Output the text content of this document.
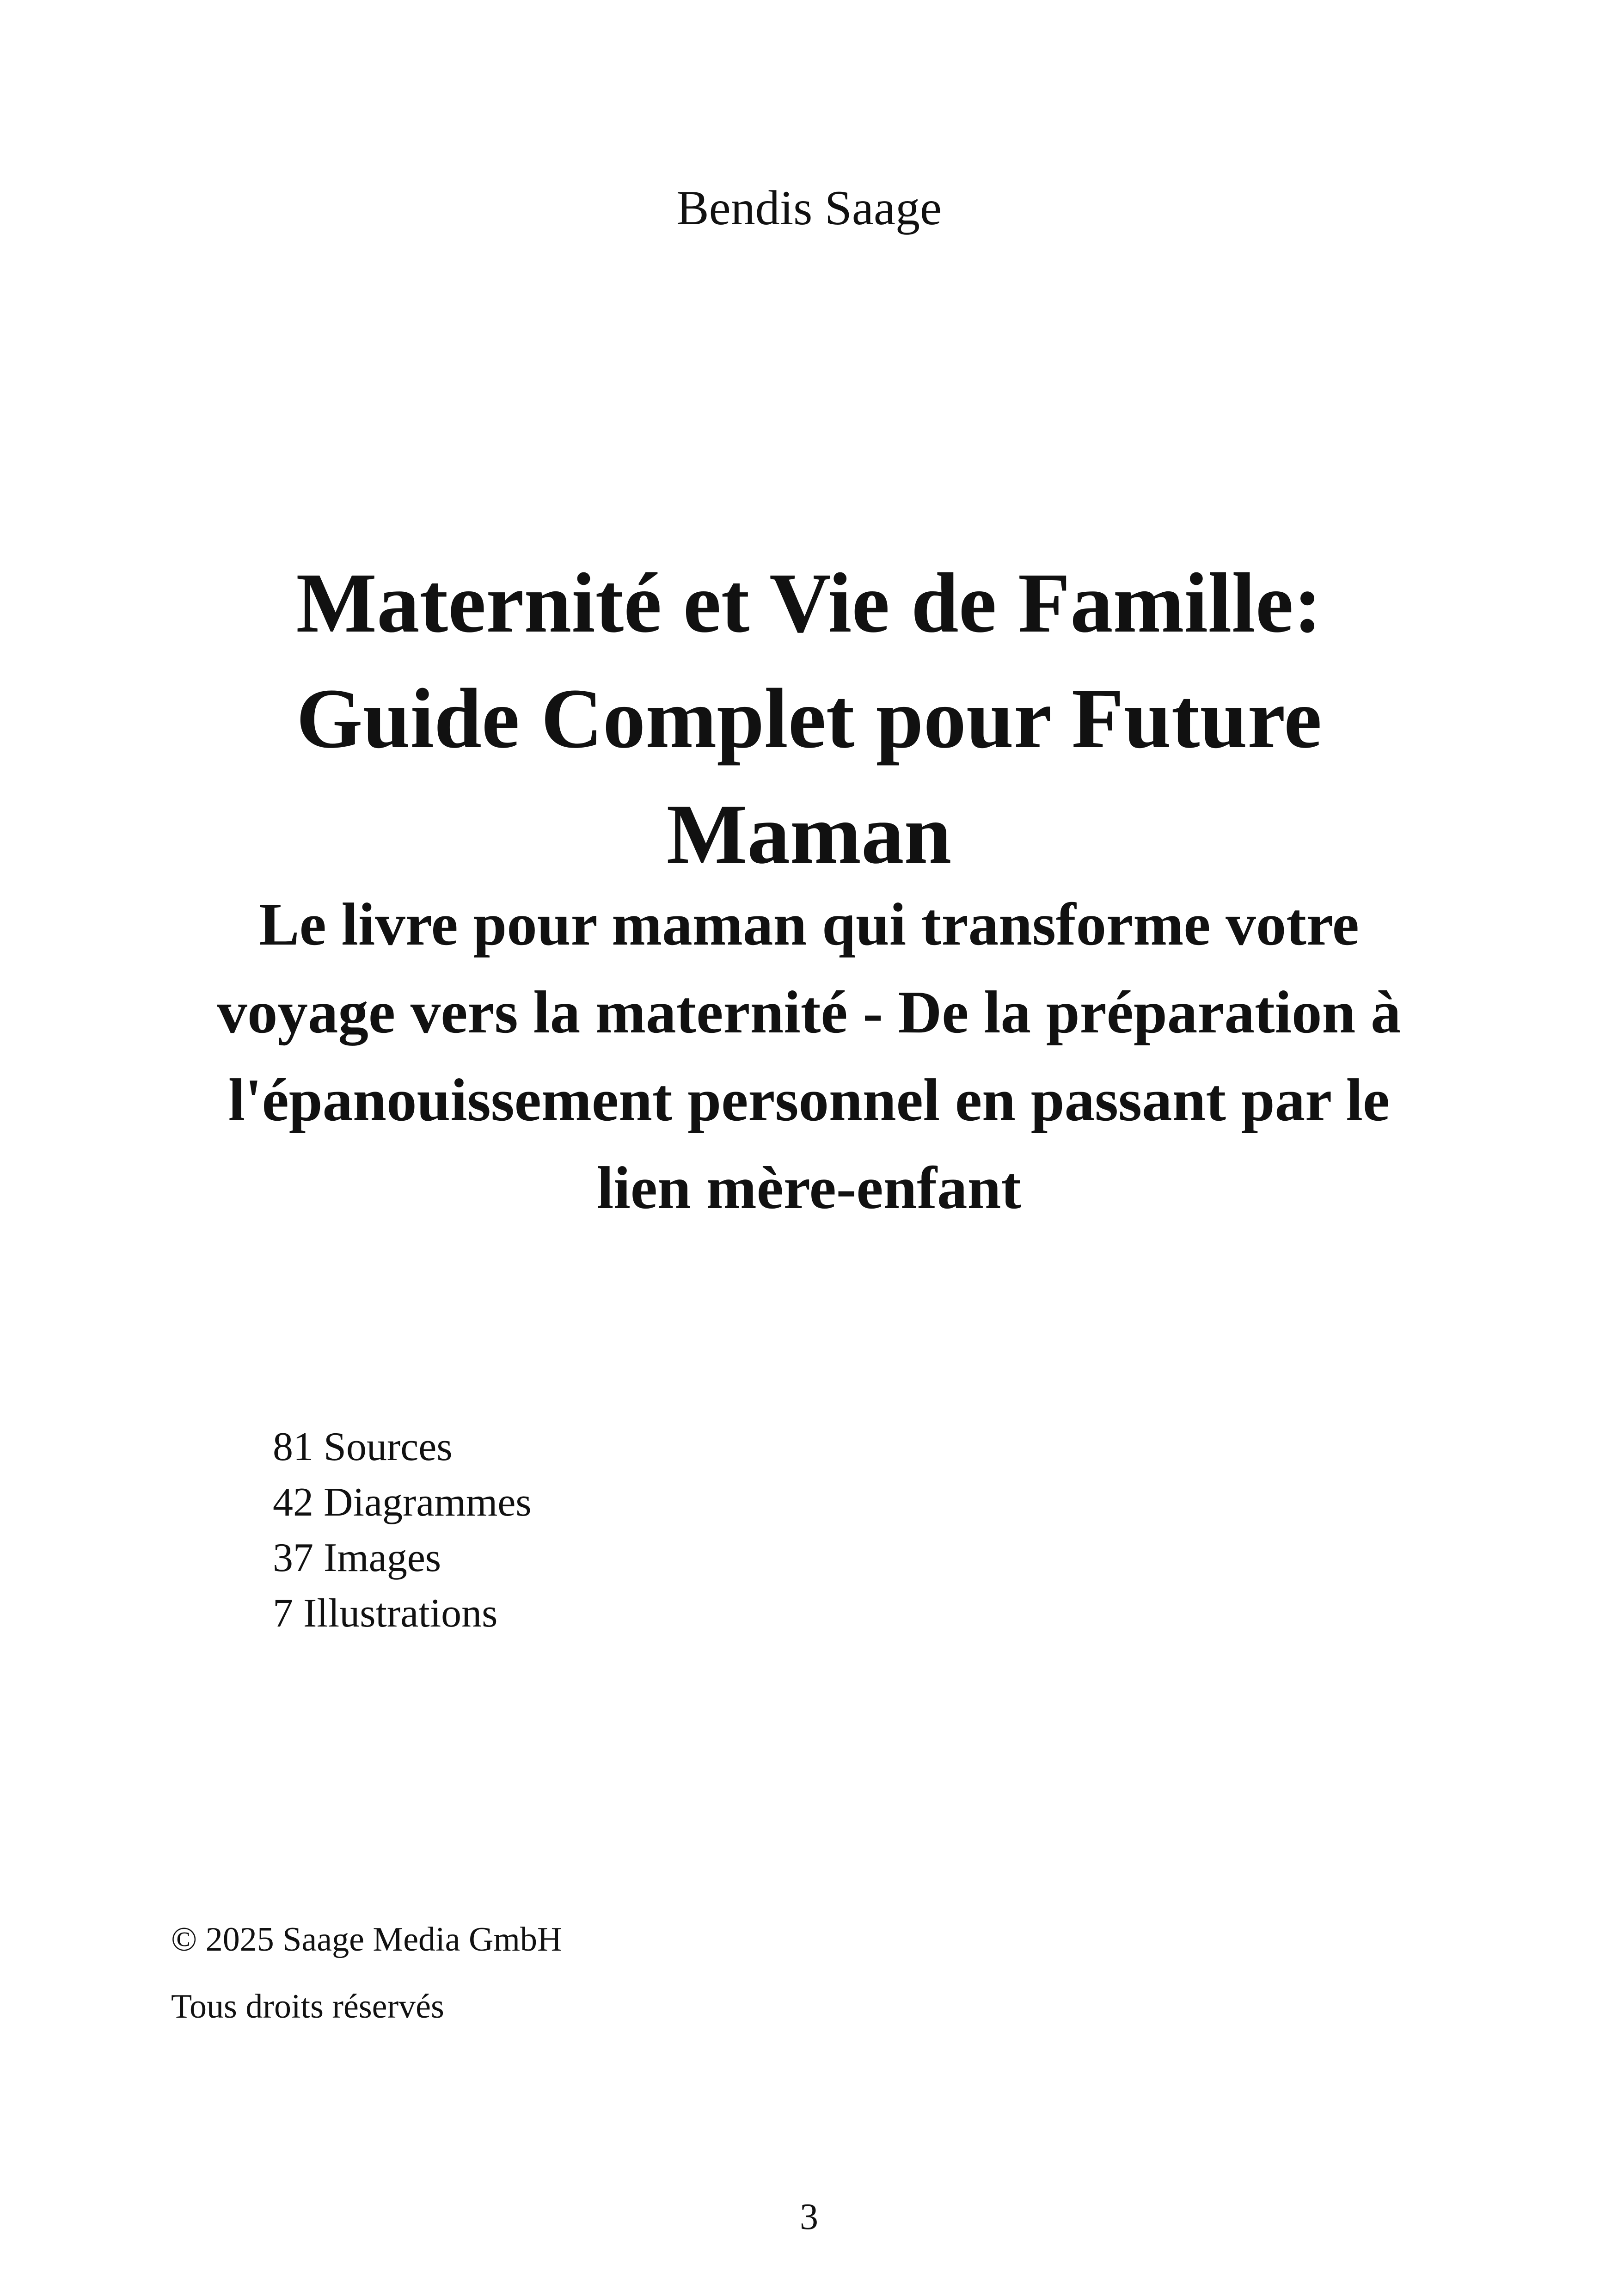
Bendis Saage
Maternité et Vie de Famille:
Guide Complet pour Future
Maman
Le livre pour maman qui transforme votre
voyage vers la maternité - De la préparation à
l'épanouissement personnel en passant par le
lien mère-enfant
81 Sources
42 Diagrammes
37 Images
7 Illustrations
© 2025 Saage Media GmbH
Tous droits réservés
3
